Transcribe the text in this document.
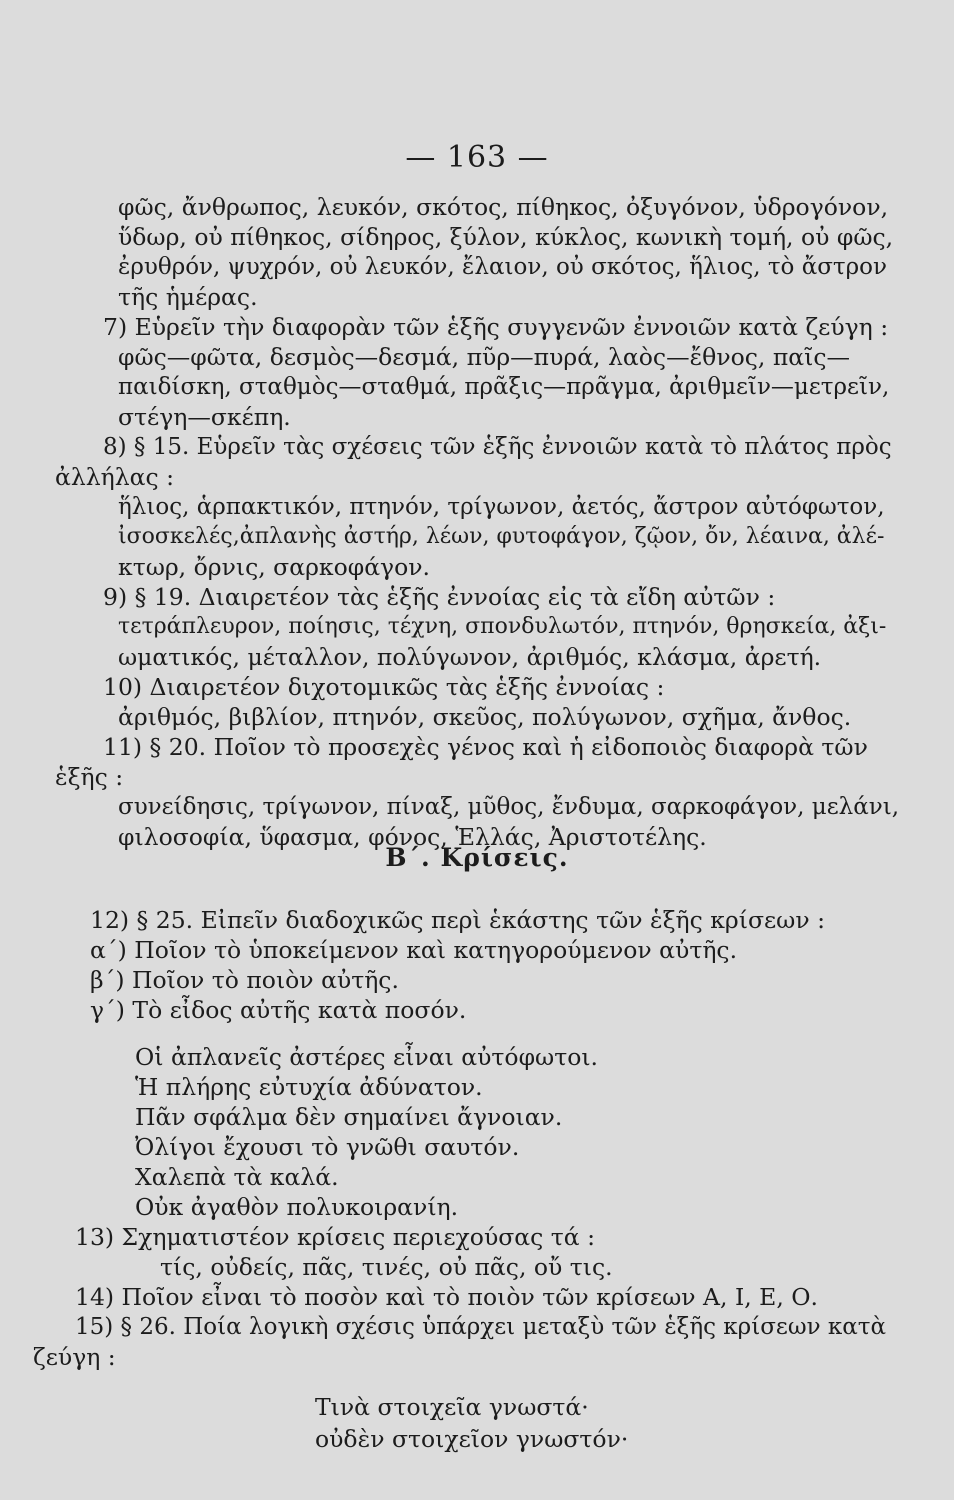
— 163 —
φῶς, ἄνθρωπος, λευκόν, σκότος, πίθηκος, ὀξυγόνον, ὑδρογόνον,
ὕδωρ, οὐ πίθηκος, σίδηρος, ξύλον, κύκλος, κωνικὴ τομή, οὐ φῶς,
ἐρυθρόν, ψυχρόν, οὐ λευκόν, ἔλαιον, οὐ σκότος, ἥλιος, τὸ ἄστρον
τῆς ἡμέρας.
7) Εὑρεῖν τὴν διαφορὰν τῶν ἑξῆς συγγενῶν ἐννοιῶν κατὰ ζεύγη :
φῶς—φῶτα, δεσμὸς—δεσμά, πῦρ—πυρά, λαὸς—ἔθνος, παῖς—
παιδίσκη, σταθμὸς—σταθμά, πρᾶξις—πρᾶγμα, ἀριθμεῖν—μετρεῖν,
στέγη—σκέπη.
8) § 15. Εὑρεῖν τὰς σχέσεις τῶν ἑξῆς ἐννοιῶν κατὰ τὸ πλάτος πρὸς
ἀλλήλας :
ἥλιος, ἁρπακτικόν, πτηνόν, τρίγωνον, ἀετός, ἄστρον αὐτόφωτον,
ἰσοσκελές,ἀπλανὴς ἀστήρ, λέων, φυτοφάγον, ζῷον, ὄν, λέαινα, ἀλέ-
κτωρ, ὄρνις, σαρκοφάγον.
9) § 19. Διαιρετέον τὰς ἑξῆς ἐννοίας εἰς τὰ εἴδη αὐτῶν :
τετράπλευρον, ποίησις, τέχνη, σπονδυλωτόν, πτηνόν, θρησκεία, ἀξι-
ωματικός, μέταλλον, πολύγωνον, ἀριθμός, κλάσμα, ἀρετή.
10) Διαιρετέον διχοτομικῶς τὰς ἑξῆς ἐννοίας :
ἀριθμός, βιβλίον, πτηνόν, σκεῦος, πολύγωνον, σχῆμα, ἄνθος.
11) § 20. Ποῖον τὸ προσεχὲς γένος καὶ ἡ εἰδοποιὸς διαφορὰ τῶν
ἑξῆς :
συνείδησις, τρίγωνον, πίναξ, μῦθος, ἔνδυμα, σαρκοφάγον, μελάνι,
φιλοσοφία, ὕφασμα, φόνος, Ἑλλάς, Ἀριστοτέλης.
Β΄. Κρίσεις.
12) § 25. Εἰπεῖν διαδοχικῶς περὶ ἑκάστης τῶν ἑξῆς κρίσεων :
α΄) Ποῖον τὸ ὑποκείμενον καὶ κατηγορούμενον αὐτῆς.
β΄) Ποῖον τὸ ποιὸν αὐτῆς.
γ΄) Τὸ εἶδος αὐτῆς κατὰ ποσόν.
Οἱ ἀπλανεῖς ἀστέρες εἶναι αὐτόφωτοι.
Ἡ πλήρης εὐτυχία ἀδύνατον.
Πᾶν σφάλμα δὲν σημαίνει ἄγνοιαν.
Ὀλίγοι ἔχουσι τὸ γνῶθι σαυτόν.
Χαλεπὰ τὰ καλά.
Οὐκ ἀγαθὸν πολυκοιρανίη.
13) Σχηματιστέον κρίσεις περιεχούσας τά :
τίς, οὐδείς, πᾶς, τινές, οὐ πᾶς, οὔ τις.
14) Ποῖον εἶναι τὸ ποσὸν καὶ τὸ ποιὸν τῶν κρίσεων Α, Ι, Ε, Ο.
15) § 26. Ποία λογικὴ σχέσις ὑπάρχει μεταξὺ τῶν ἑξῆς κρίσεων κατὰ
ζεύγη :
Τινὰ στοιχεῖα γνωστά·
οὐδὲν στοιχεῖον γνωστόν·
